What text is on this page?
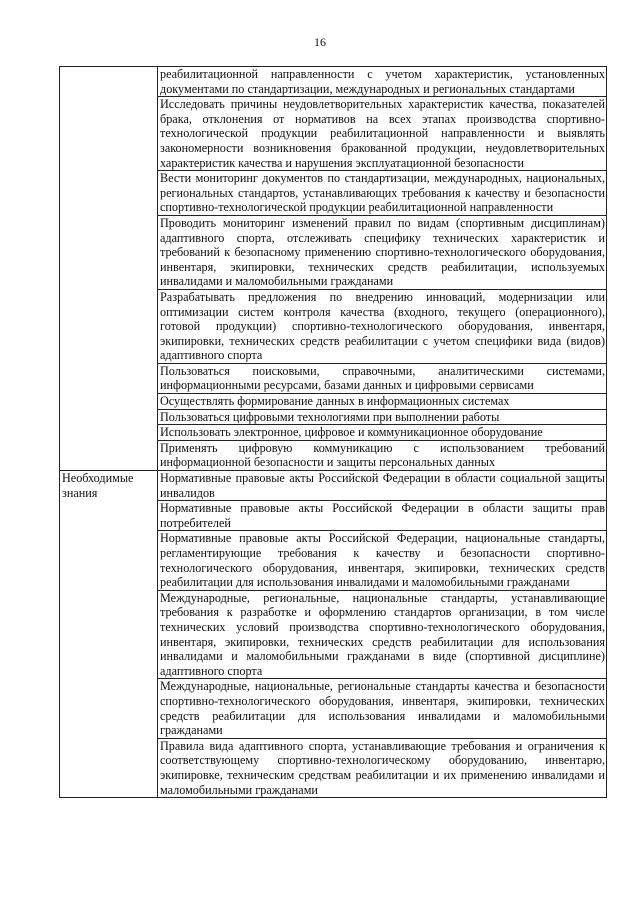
16
	реабилитационной направленности с учетом характеристик, установленных документами по стандартизации, международных и региональных стандартами
	Исследовать причины неудовлетворительных характеристик качества, показателей брака, отклонения от нормативов на всех этапах производства спортивно-технологической продукции реабилитационной направленности и выявлять закономерности возникновения бракованной продукции, неудовлетворительных характеристик качества и нарушения эксплуатационной безопасности
	Вести мониторинг документов по стандартизации, международных, национальных, региональных стандартов, устанавливающих требования к качеству и безопасности спортивно-технологической продукции реабилитационной направленности
	Проводить мониторинг изменений правил по видам (спортивным дисциплинам) адаптивного спорта, отслеживать специфику технических характеристик и требований к безопасному применению спортивно-технологического оборудования, инвентаря, экипировки, технических средств реабилитации, используемых инвалидами и маломобильными гражданами
	Разрабатывать предложения по внедрению инноваций, модернизации или оптимизации систем контроля качества (входного, текущего (операционного), готовой продукции) спортивно-технологического оборудования, инвентаря, экипировки, технических средств реабилитации с учетом специфики вида (видов) адаптивного спорта
	Пользоваться поисковыми, справочными, аналитическими системами, информационными ресурсами, базами данных и цифровыми сервисами
	Осуществлять формирование данных в информационных системах
	Пользоваться цифровыми технологиями при выполнении работы
	Использовать электронное, цифровое и коммуникационное оборудование
	Применять цифровую коммуникацию с использованием требований информационной безопасности и защиты персональных данных
Необходимые знания	Нормативные правовые акты Российской Федерации в области социальной защиты инвалидов
	Нормативные правовые акты Российской Федерации в области защиты прав потребителей
	Нормативные правовые акты Российской Федерации, национальные стандарты, регламентирующие требования к качеству и безопасности спортивно-технологического оборудования, инвентаря, экипировки, технических средств реабилитации для использования инвалидами и маломобильными гражданами
	Международные, региональные, национальные стандарты, устанавливающие требования к разработке и оформлению стандартов организации, в том числе технических условий производства спортивно-технологического оборудования, инвентаря, экипировки, технических средств реабилитации для использования инвалидами и маломобильными гражданами в виде (спортивной дисциплине) адаптивного спорта
	Международные, национальные, региональные стандарты качества и безопасности спортивно-технологического оборудования, инвентаря, экипировки, технических средств реабилитации для использования инвалидами и маломобильными гражданами
	Правила вида адаптивного спорта, устанавливающие требования и ограничения к соответствующему спортивно-технологическому оборудованию, инвентарю, экипировке, техническим средствам реабилитации и их применению инвалидами и маломобильными гражданами
